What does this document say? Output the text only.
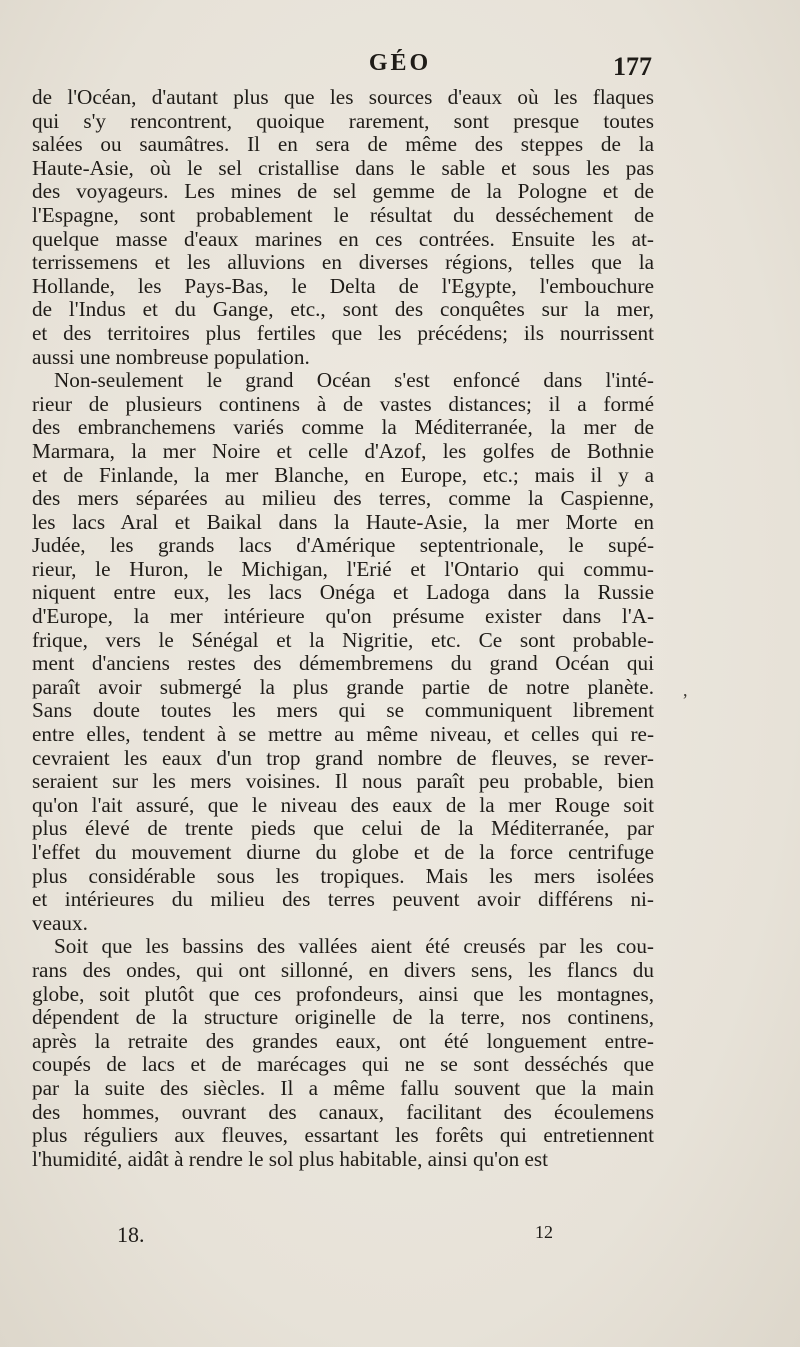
GÉO	177

de l'Océan, d'autant plus que les sources d'eaux où les flaques
qui s'y rencontrent, quoique rarement, sont presque toutes
salées ou saumâtres. Il en sera de même des steppes de la
Haute-Asie, où le sel cristallise dans le sable et sous les pas
des voyageurs. Les mines de sel gemme de la Pologne et de
l'Espagne, sont probablement le résultat du desséchement de
quelque masse d'eaux marines en ces contrées. Ensuite les at-
terrissemens et les alluvions en diverses régions, telles que la
Hollande, les Pays-Bas, le Delta de l'Egypte, l'embouchure
de l'Indus et du Gange, etc., sont des conquêtes sur la mer,
et des territoires plus fertiles que les précédens; ils nourrissent
aussi une nombreuse population.

Non-seulement le grand Océan s'est enfoncé dans l'inté-
rieur de plusieurs continens à de vastes distances; il a formé
des embranchemens variés comme la Méditerranée, la mer de
Marmara, la mer Noire et celle d'Azof, les golfes de Bothnie
et de Finlande, la mer Blanche, en Europe, etc.; mais il y a
des mers séparées au milieu des terres, comme la Caspienne,
les lacs Aral et Baikal dans la Haute-Asie, la mer Morte en
Judée, les grands lacs d'Amérique septentrionale, le supé-
rieur, le Huron, le Michigan, l'Erié et l'Ontario qui commu-
niquent entre eux, les lacs Onéga et Ladoga dans la Russie
d'Europe, la mer intérieure qu'on présume exister dans l'A-
frique, vers le Sénégal et la Nigritie, etc. Ce sont probable-
ment d'anciens restes des démembremens du grand Océan qui
paraît avoir submergé la plus grande partie de notre planète.
Sans doute toutes les mers qui se communiquent librement
entre elles, tendent à se mettre au même niveau, et celles qui re-
cevraient les eaux d'un trop grand nombre de fleuves, se rever-
seraient sur les mers voisines. Il nous paraît peu probable, bien
qu'on l'ait assuré, que le niveau des eaux de la mer Rouge soit
plus élevé de trente pieds que celui de la Méditerranée, par
l'effet du mouvement diurne du globe et de la force centrifuge
plus considérable sous les tropiques. Mais les mers isolées
et intérieures du milieu des terres peuvent avoir différens ni-
veaux.

Soit que les bassins des vallées aient été creusés par les cou-
rans des ondes, qui ont sillonné, en divers sens, les flancs du
globe, soit plutôt que ces profondeurs, ainsi que les montagnes,
dépendent de la structure originelle de la terre, nos continens,
après la retraite des grandes eaux, ont été longuement entre-
coupés de lacs et de marécages qui ne se sont desséchés que
par la suite des siècles. Il a même fallu souvent que la main
des hommes, ouvrant des canaux, facilitant des écoulemens
plus réguliers aux fleuves, essartant les forêts qui entretiennent
l'humidité, aidât à rendre le sol plus habitable, ainsi qu'on est

,
18.	12
